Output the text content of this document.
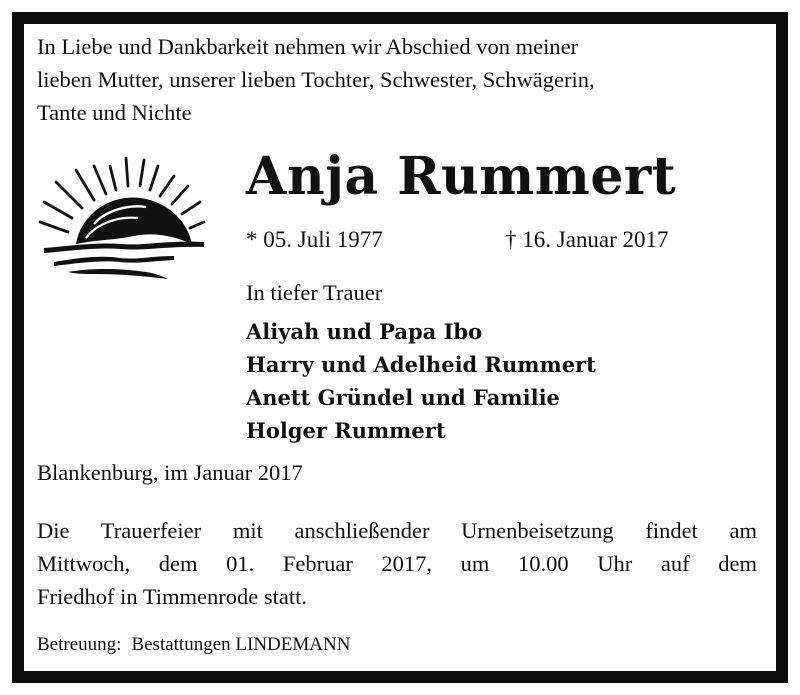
In Liebe und Dankbarkeit nehmen wir Abschied von meiner
lieben Mutter, unserer lieben Tochter, Schwester, Schwägerin,
Tante und Nichte

Anja Rummert
* 05. Juli 1977	† 16. Januar 2017
In tiefer Trauer
Aliyah und Papa Ibo
Harry und Adelheid Rummert
Anett Gründel und Familie
Holger Rummert
Blankenburg, im Januar 2017

Die Trauerfeier mit anschließender Urnenbeisetzung findet am
Mittwoch, dem 01. Februar 2017, um 10.00 Uhr auf dem
Friedhof in Timmenrode statt.

Betreuung: Bestattungen LINDEMANN
